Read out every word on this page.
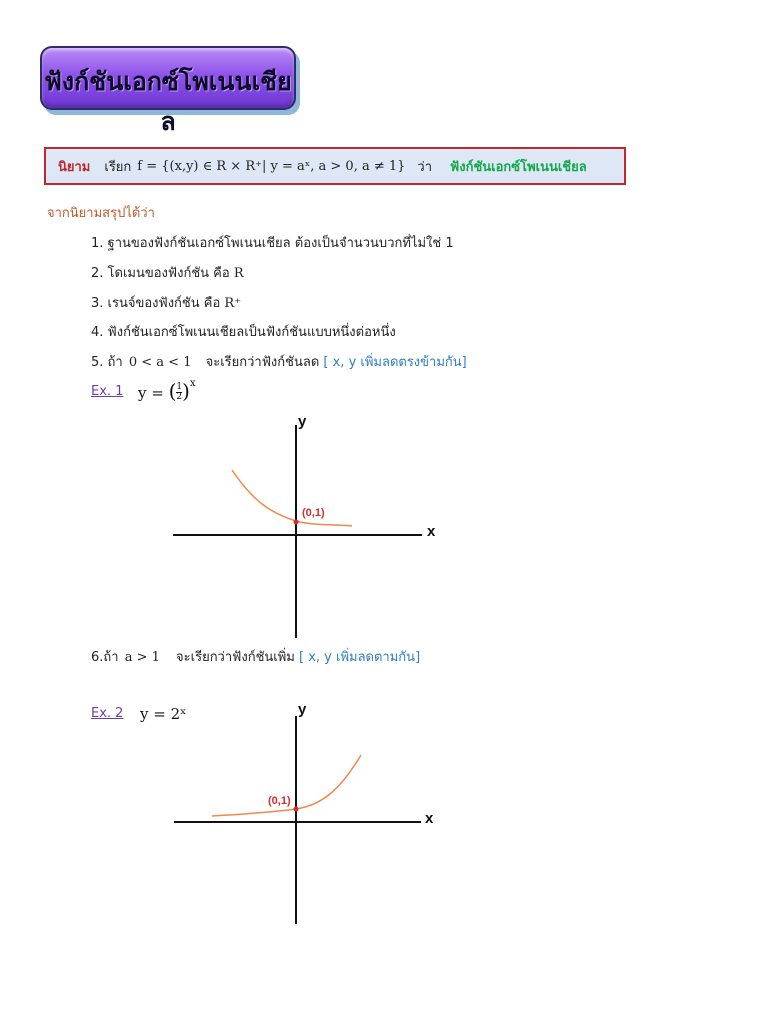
ฟังก์ชันเอกซ์โพเนนเชียล
นิยาม เรียก f = {(x,y) ∈ R × R⁺| y = aˣ, a > 0, a ≠ 1} ว่า ฟังก์ชันเอกซ์โพเนนเชียล
จากนิยามสรุปได้ว่า
1. ฐานของฟังก์ชันเอกซ์โพเนนเชียล ต้องเป็นจำนวนบวกที่ไม่ใช่ 1
2. โดเมนของฟังก์ชัน คือ R
3. เรนจ์ของฟังก์ชัน คือ R⁺
4. ฟังก์ชันเอกซ์โพเนนเชียลเป็นฟังก์ชันแบบหนึ่งต่อหนึ่ง
5. ถ้า 0 < a < 1 จะเรียกว่าฟังก์ชันลด [ x, y เพิ่มลดตรงข้ามกัน]
Ex. 1 y = ( $\frac{1}{2} )^x$
(0,1)
y
x
(0,1)
y
x
6.ถ้า a > 1 จะเรียกว่าฟังก์ชันเพิ่ม [ x, y เพิ่มลดตามกัน]
Ex. 2 y = 2ˣ
